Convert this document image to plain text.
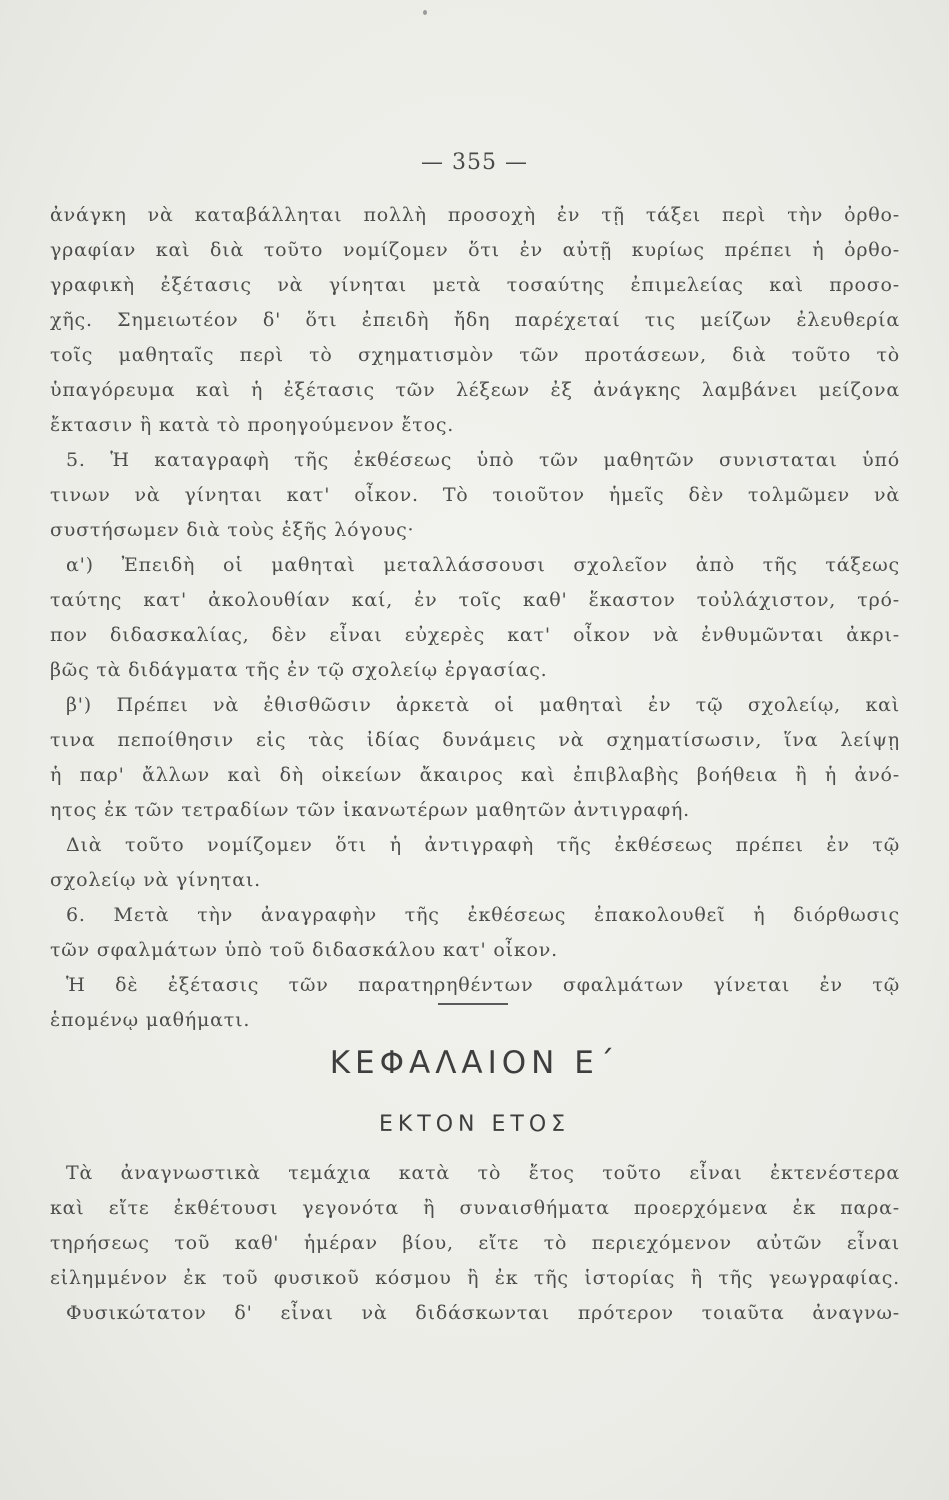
— 355 —
ἀνάγκη νὰ καταβάλληται πολλὴ προσοχὴ ἐν τῇ τάξει περὶ τὴν ὀρθο-
γραφίαν καὶ διὰ τοῦτο νομίζομεν ὅτι ἐν αὐτῇ κυρίως πρέπει ἡ ὀρθο-
γραφικὴ ἐξέτασις νὰ γίνηται μετὰ τοσαύτης ἐπιμελείας καὶ προσο-
χῆς. Σημειωτέον δ' ὅτι ἐπειδὴ ἤδη παρέχεταί τις μείζων ἐλευθερία
τοῖς μαθηταῖς περὶ τὸ σχηματισμὸν τῶν προτάσεων, διὰ τοῦτο τὸ
ὑπαγόρευμα καὶ ἡ ἐξέτασις τῶν λέξεων ἐξ ἀνάγκης λαμβάνει μείζονα
ἔκτασιν ἢ κατὰ τὸ προηγούμενον ἔτος.
5. Ἡ καταγραφὴ τῆς ἐκθέσεως ὑπὸ τῶν μαθητῶν συνισταται ὑπό
τινων νὰ γίνηται κατ' οἶκον. Τὸ τοιοῦτον ἡμεῖς δὲν τολμῶμεν νὰ
συστήσωμεν διὰ τοὺς ἑξῆς λόγους·
α') Ἐπειδὴ οἱ μαθηταὶ μεταλλάσσουσι σχολεῖον ἀπὸ τῆς τάξεως
ταύτης κατ' ἀκολουθίαν καί, ἐν τοῖς καθ' ἕκαστον τοὐλάχιστον, τρό-
πον διδασκαλίας, δὲν εἶναι εὐχερὲς κατ' οἶκον νὰ ἐνθυμῶνται ἀκρι-
βῶς τὰ διδάγματα τῆς ἐν τῷ σχολείῳ ἐργασίας.
β') Πρέπει νὰ ἐθισθῶσιν ἀρκετὰ οἱ μαθηταὶ ἐν τῷ σχολείῳ, καὶ
τινα πεποίθησιν εἰς τὰς ἰδίας δυνάμεις νὰ σχηματίσωσιν, ἵνα λείψῃ
ἡ παρ' ἄλλων καὶ δὴ οἰκείων ἄκαιρος καὶ ἐπιβλαβὴς βοήθεια ἢ ἡ ἀνό-
ητος ἐκ τῶν τετραδίων τῶν ἱκανωτέρων μαθητῶν ἀντιγραφή.
Διὰ τοῦτο νομίζομεν ὅτι ἡ ἀντιγραφὴ τῆς ἐκθέσεως πρέπει ἐν τῷ
σχολείῳ νὰ γίνηται.
6. Μετὰ τὴν ἀναγραφὴν τῆς ἐκθέσεως ἐπακολουθεῖ ἡ διόρθωσις
τῶν σφαλμάτων ὑπὸ τοῦ διδασκάλου κατ' οἶκον.
Ἡ δὲ ἐξέτασις τῶν παρατηρηθέντων σφαλμάτων γίνεται ἐν τῷ
ἑπομένῳ μαθήματι.
ΚΕΦΑΛΑΙΟΝ Ε΄
ΕΚΤΟΝ ΕΤΟΣ
Τὰ ἀναγνωστικὰ τεμάχια κατὰ τὸ ἔτος τοῦτο εἶναι ἐκτενέστερα
καὶ εἴτε ἐκθέτουσι γεγονότα ἢ συναισθήματα προερχόμενα ἐκ παρα-
τηρήσεως τοῦ καθ' ἡμέραν βίου, εἴτε τὸ περιεχόμενον αὐτῶν εἶναι
εἰλημμένον ἐκ τοῦ φυσικοῦ κόσμου ἢ ἐκ τῆς ἱστορίας ἢ τῆς γεωγραφίας.
Φυσικώτατον δ' εἶναι νὰ διδάσκωνται πρότερον τοιαῦτα ἀναγνω-
